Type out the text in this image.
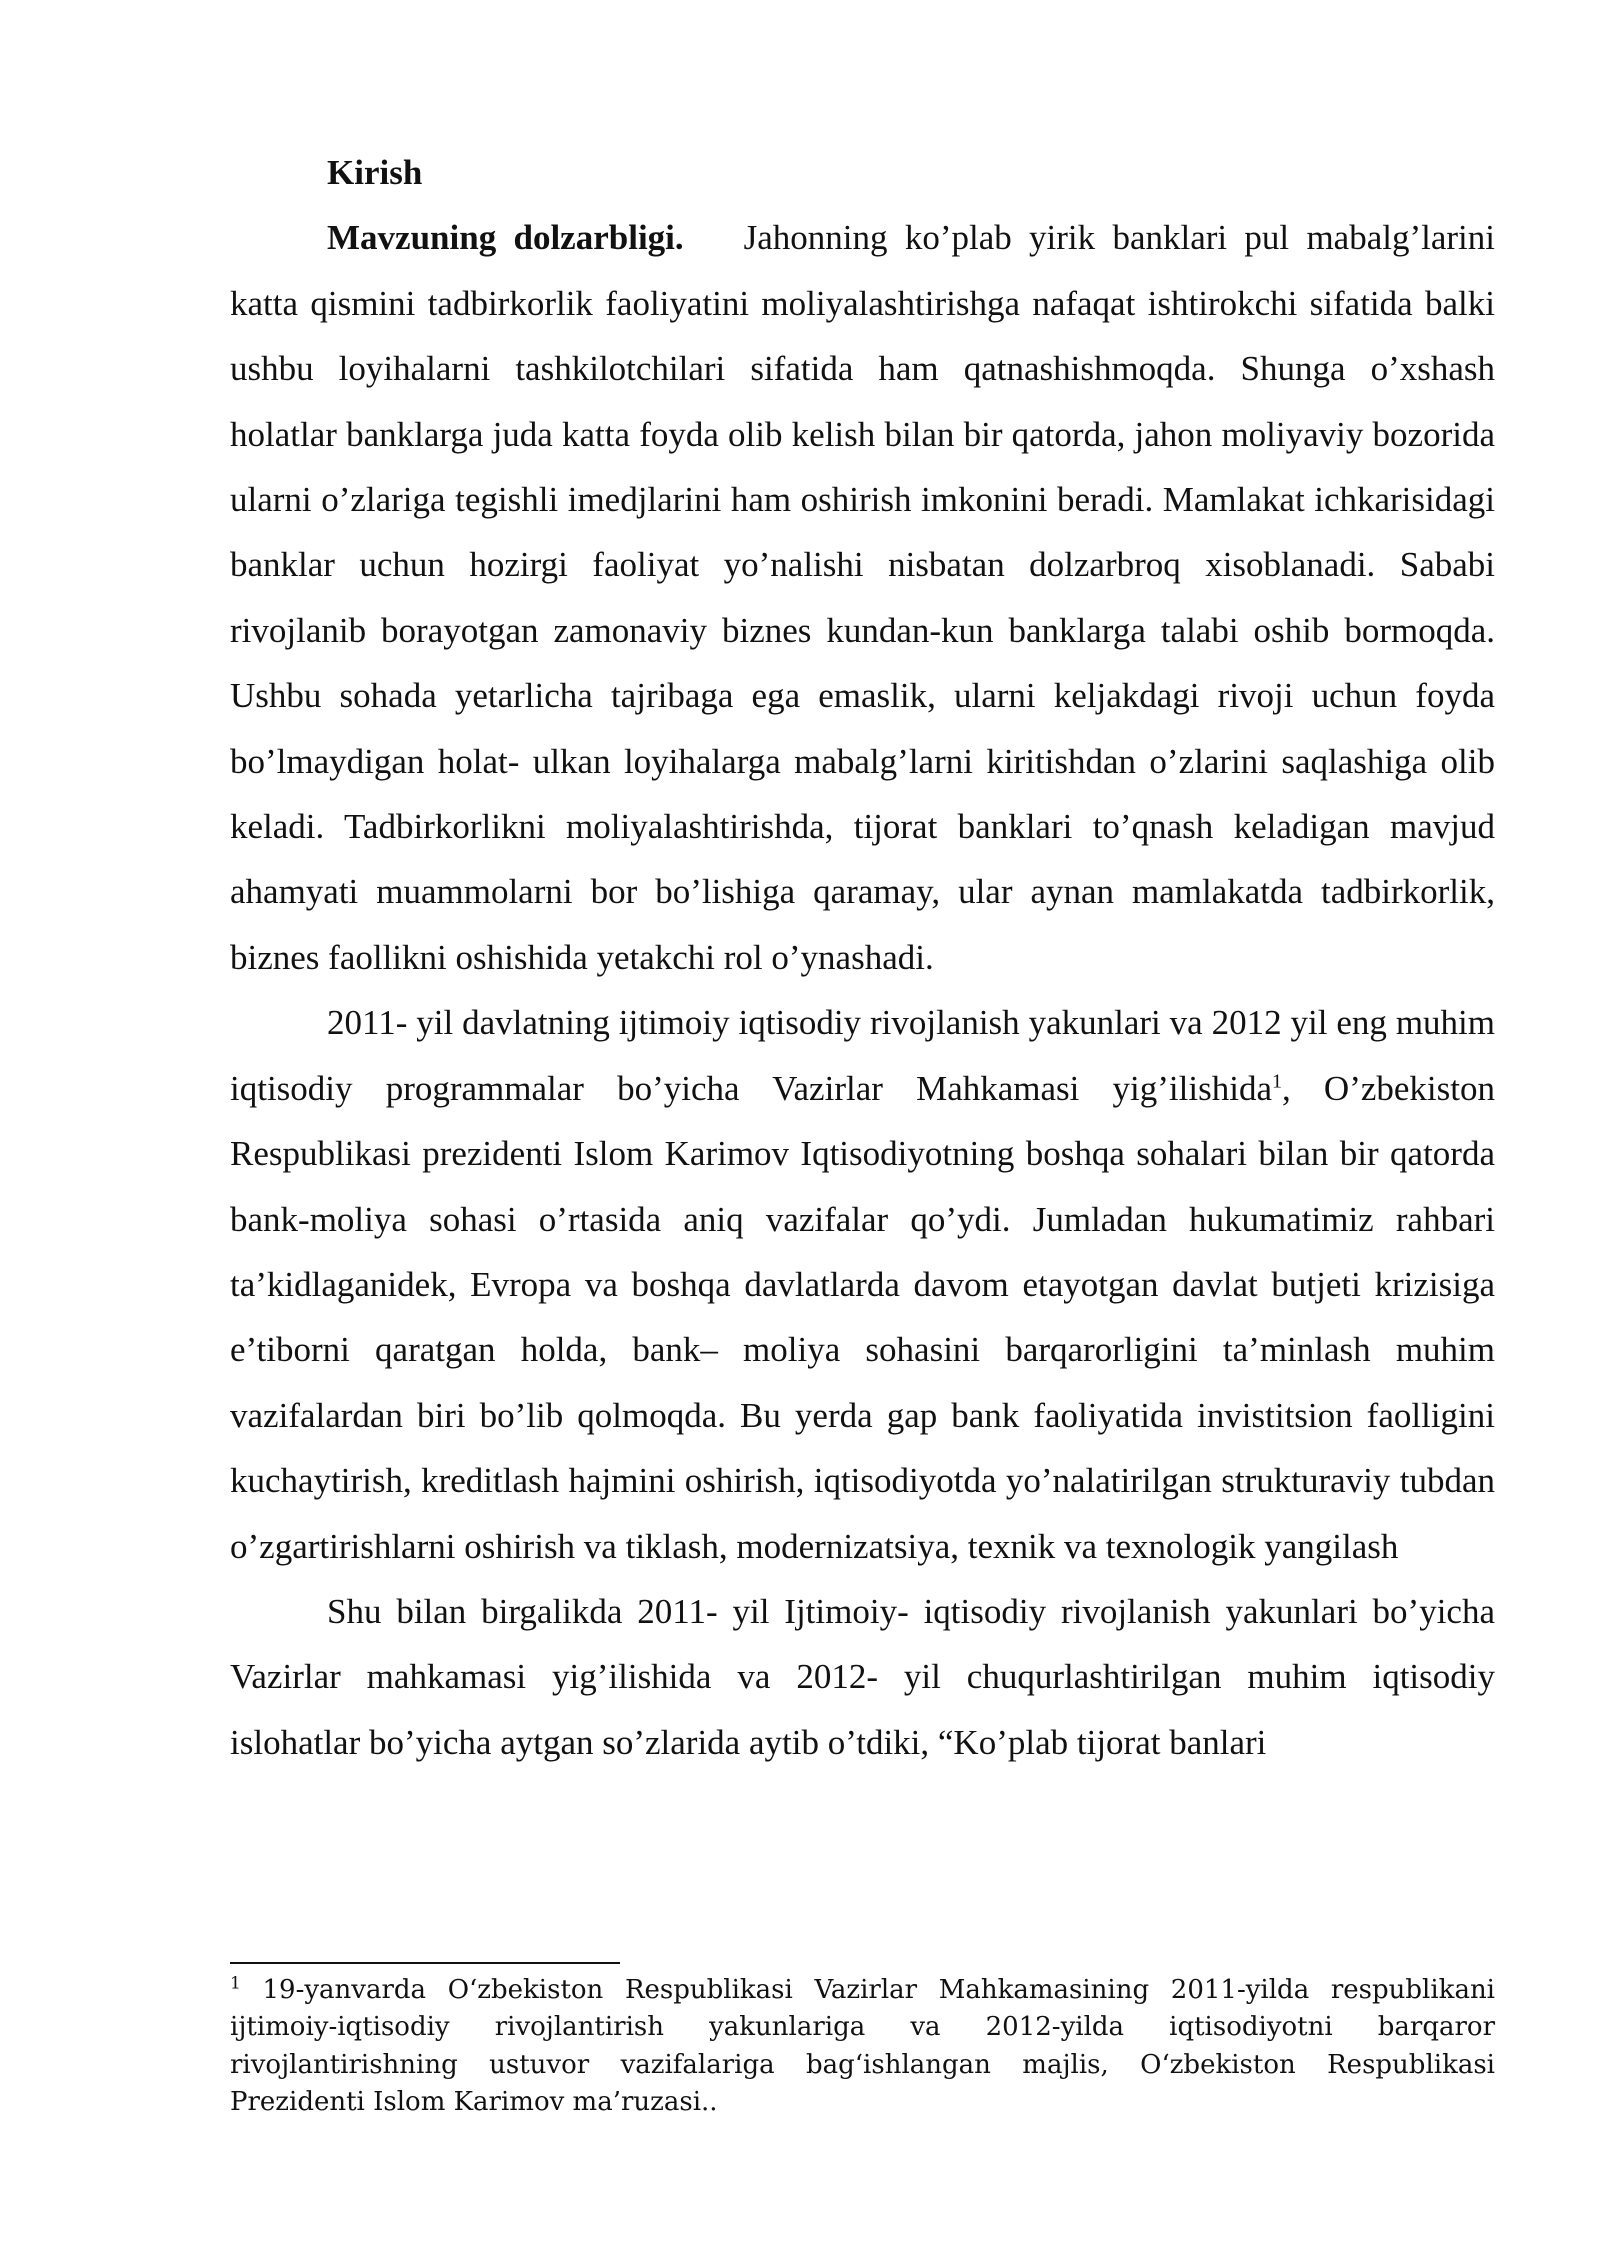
Kirish

Mavzuning dolzarbligi. Jahonning ko’plab yirik banklari pul mabalg’larini katta qismini tadbirkorlik faoliyatini moliyalashtirishga nafaqat ishtirokchi sifatida balki ushbu loyihalarni tashkilotchilari sifatida ham qatnashishmoqda. Shunga o’xshash holatlar banklarga juda katta foyda olib kelish bilan bir qatorda, jahon moliyaviy bozorida ularni o’zlariga tegishli imedjlarini ham oshirish imkonini beradi. Mamlakat ichkarisidagi banklar uchun hozirgi faoliyat yo’nalishi nisbatan dolzarbroq xisoblanadi. Sababi rivojlanib borayotgan zamonaviy biznes kundan-kun banklarga talabi oshib bormoqda. Ushbu sohada yetarlicha tajribaga ega emaslik, ularni keljakdagi rivoji uchun foyda bo’lmaydigan holat- ulkan loyihalarga mabalg’larni kiritishdan o’zlarini saqlashiga olib keladi. Tadbirkorlikni moliyalashtirishda, tijorat banklari to’qnash keladigan mavjud ahamyati muammolarni bor bo’lishiga qaramay, ular aynan mamlakatda tadbirkorlik, biznes faollikni oshishida yetakchi rol o’ynashadi.

2011- yil davlatning ijtimoiy iqtisodiy rivojlanish yakunlari va 2012 yil eng muhim iqtisodiy programmalar bo’yicha Vazirlar Mahkamasi yig’ilishida$^1$, O’zbekiston Respublikasi prezidenti Islom Karimov Iqtisodiyotning boshqa sohalari bilan bir qatorda bank-moliya sohasi o’rtasida aniq vazifalar qo’ydi. Jumladan hukumatimiz rahbari ta’kidlaganidek, Evropa va boshqa davlatlarda davom etayotgan davlat butjeti krizisiga e’tiborni qaratgan holda, bank– moliya sohasini barqarorligini ta’minlash muhim vazifalardan biri bo’lib qolmoqda. Bu yerda gap bank faoliyatida invistitsion faolligini kuchaytirish, kreditlash hajmini oshirish, iqtisodiyotda yo’nalatirilgan strukturaviy tubdan o’zgartirishlarni oshirish va tiklash, modernizatsiya, texnik va texnologik yangilash

Shu bilan birgalikda 2011- yil Ijtimoiy- iqtisodiy rivojlanish yakunlari bo’yicha Vazirlar mahkamasi yig’ilishida va 2012- yil chuqurlashtirilgan muhim iqtisodiy islohatlar bo’yicha aytgan so’zlarida aytib o’tdiki, “Ko’plab tijorat banlari

$^1$ 19-yanvarda O‘zbekiston Respublikasi Vazirlar Mahkamasining 2011-yilda respublikani ijtimoiy-iqtisodiy rivojlantirish yakunlariga va 2012-yilda iqtisodiyotni barqaror rivojlantirishning ustuvor vazifalariga bag‘ishlangan majlis, O‘zbekiston Respublikasi Prezidenti Islom Karimov ma’ruzasi..
